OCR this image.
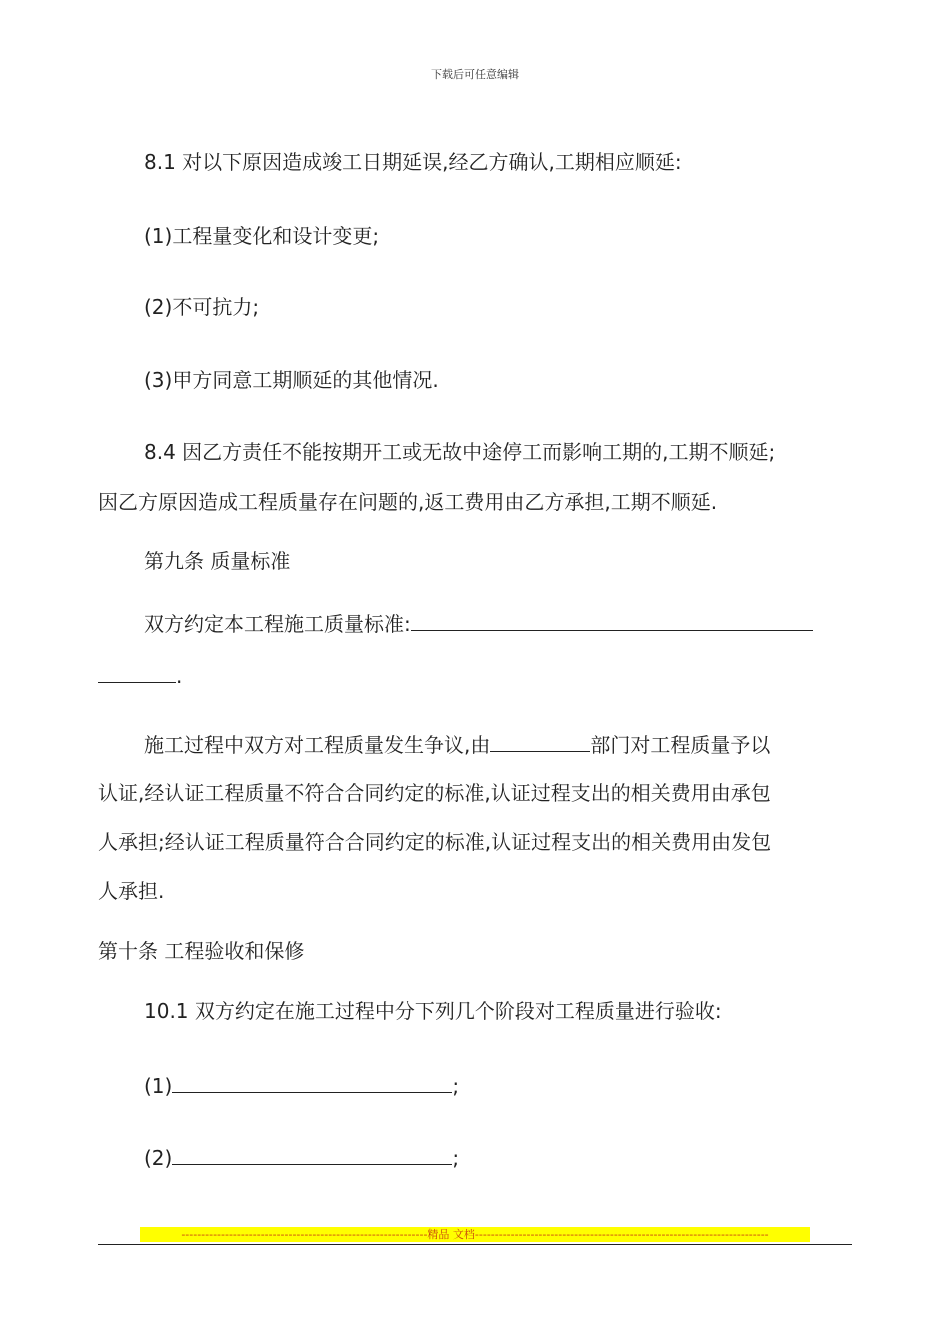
下载后可任意编辑
8.1 对以下原因造成竣工日期延误,经乙方确认,工期相应顺延:
(1)工程量变化和设计变更;
(2)不可抗力;
(3)甲方同意工期顺延的其他情况.
8.4 因乙方责任不能按期开工或无故中途停工而影响工期的,工期不顺延;
因乙方原因造成工程质量存在问题的,返工费用由乙方承担,工期不顺延.
第九条 质量标准
双方约定本工程施工质量标准:
.
施工过程中双方对工程质量发生争议,由	部门对工程质量予以
认证,经认证工程质量不符合合同约定的标准,认证过程支出的相关费用由承包
人承担;经认证工程质量符合合同约定的标准,认证过程支出的相关费用由发包
人承担.
第十条 工程验收和保修
10.1 双方约定在施工过程中分下列几个阶段对工程质量进行验收:
(1)	;
(2)	;
--------------------------------------------------------------精品 文档--------------------------------------------------------------------------
